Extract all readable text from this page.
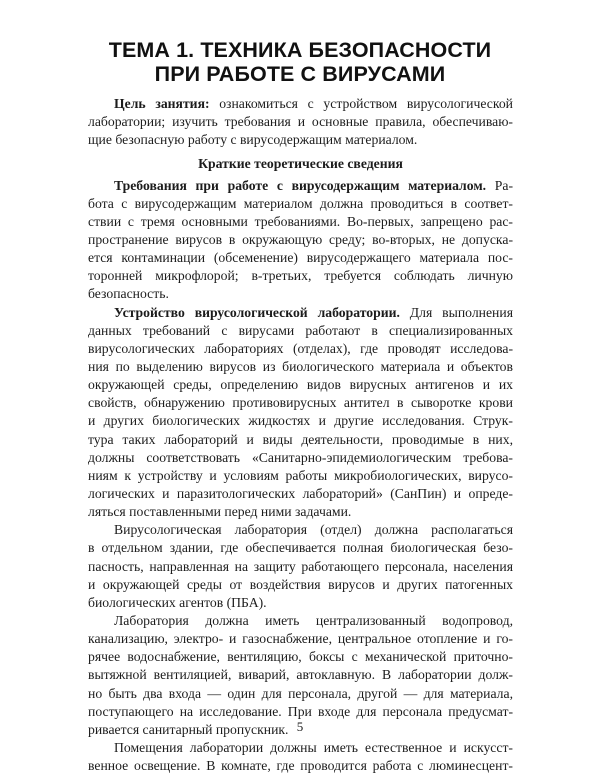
ТЕМА 1. ТЕХНИКА БЕЗОПАСНОСТИ
ПРИ РАБОТЕ С ВИРУСАМИ
Цель занятия: ознакомиться с устройством вирусологической
лаборатории; изучить требования и основные правила, обеспечиваю-
щие безопасную работу с вирусодержащим материалом.
Краткие теоретические сведения
Требования при работе с вирусодержащим материалом. Ра-
бота с вирусодержащим материалом должна проводиться в соответ-
ствии с тремя основными требованиями. Во-первых, запрещено рас-
пространение вирусов в окружающую среду; во-вторых, не допуска-
ется контаминации (обсеменение) вирусодержащего материала пос-
торонней микрофлорой; в-третьих, требуется соблюдать личную
безопасность.
Устройство вирусологической лаборатории. Для выполнения
данных требований с вирусами работают в специализированных
вирусологических лабораториях (отделах), где проводят исследова-
ния по выделению вирусов из биологического материала и объектов
окружающей среды, определению видов вирусных антигенов и их
свойств, обнаружению противовирусных антител в сыворотке крови
и других биологических жидкостях и другие исследования. Струк-
тура таких лабораторий и виды деятельности, проводимые в них,
должны соответствовать «Санитарно-эпидемиологическим требова-
ниям к устройству и условиям работы микробиологических, вирусо-
логических и паразитологических лабораторий» (СанПин) и опреде-
ляться поставленными перед ними задачами.
Вирусологическая лаборатория (отдел) должна располагаться
в отдельном здании, где обеспечивается полная биологическая безо-
пасность, направленная на защиту работающего персонала, населения
и окружающей среды от воздействия вирусов и других патогенных
биологических агентов (ПБА).
Лаборатория должна иметь централизованный водопровод,
канализацию, электро- и газоснабжение, центральное отопление и го-
рячее водоснабжение, вентиляцию, боксы с механической приточно-
вытяжной вентиляцией, виварий, автоклавную. В лаборатории долж-
но быть два входа — один для персонала, другой — для материала,
поступающего на исследование. При входе для персонала предусмат-
ривается санитарный пропускник.
Помещения лаборатории должны иметь естественное и искусст-
венное освещение. В комнате, где проводится работа с люминесцент-
5
